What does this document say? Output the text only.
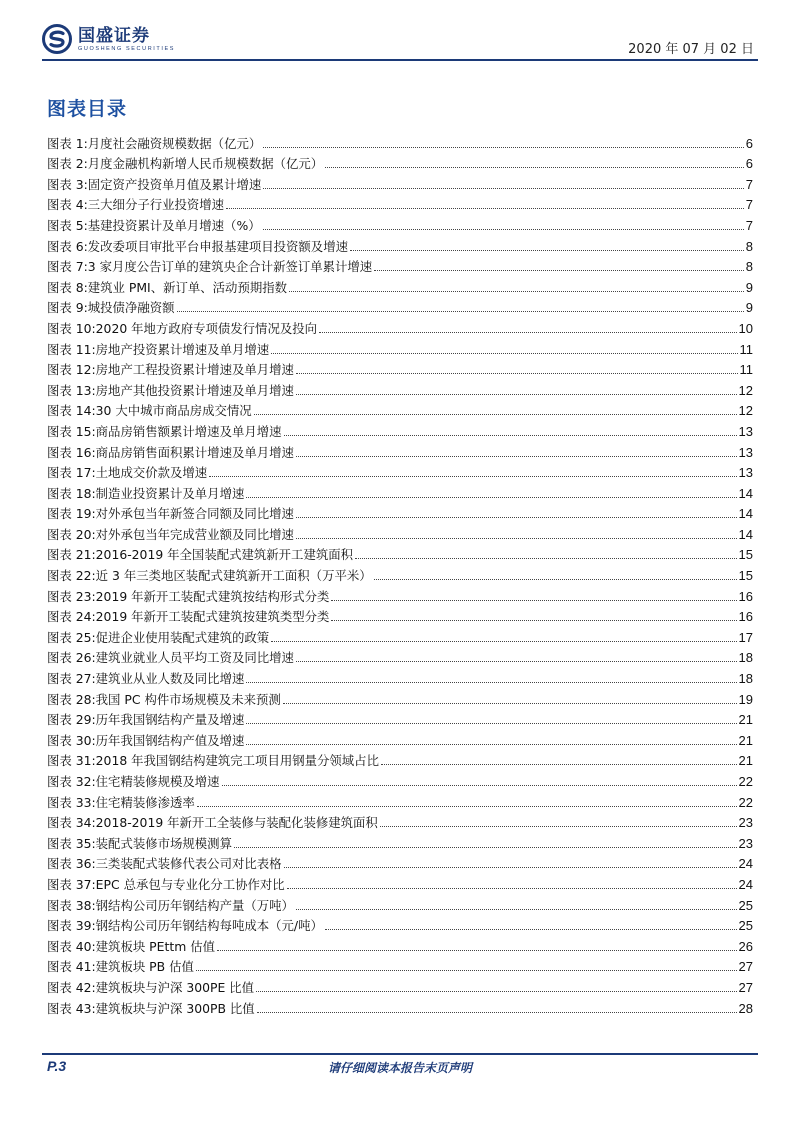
国盛证券
GUOSHENG SECURITIES	2020 年 07 月 02 日
图表目录
图表 1: 月度社会融资规模数据（亿元）	6
图表 2: 月度金融机构新增人民币规模数据（亿元）	6
图表 3: 固定资产投资单月值及累计增速	7
图表 4: 三大细分子行业投资增速	7
图表 5: 基建投资累计及单月增速（%）	7
图表 6: 发改委项目审批平台申报基建项目投资额及增速	8
图表 7: 3 家月度公告订单的建筑央企合计新签订单累计增速	8
图表 8: 建筑业 PMI、新订单、活动预期指数	9
图表 9: 城投债净融资额	9
图表 10: 2020 年地方政府专项债发行情况及投向	10
图表 11: 房地产投资累计增速及单月增速	11
图表 12: 房地产工程投资累计增速及单月增速	11
图表 13: 房地产其他投资累计增速及单月增速	12
图表 14: 30 大中城市商品房成交情况	12
图表 15: 商品房销售额累计增速及单月增速	13
图表 16: 商品房销售面积累计增速及单月增速	13
图表 17: 土地成交价款及增速	13
图表 18: 制造业投资累计及单月增速	14
图表 19: 对外承包当年新签合同额及同比增速	14
图表 20: 对外承包当年完成营业额及同比增速	14
图表 21: 2016-2019 年全国装配式建筑新开工建筑面积	15
图表 22: 近 3 年三类地区装配式建筑新开工面积（万平米）	15
图表 23: 2019 年新开工装配式建筑按结构形式分类	16
图表 24: 2019 年新开工装配式建筑按建筑类型分类	16
图表 25: 促进企业使用装配式建筑的政策	17
图表 26: 建筑业就业人员平均工资及同比增速	18
图表 27: 建筑业从业人数及同比增速	18
图表 28: 我国 PC 构件市场规模及未来预测	19
图表 29: 历年我国钢结构产量及增速	21
图表 30: 历年我国钢结构产值及增速	21
图表 31: 2018 年我国钢结构建筑完工项目用钢量分领域占比	21
图表 32: 住宅精装修规模及增速	22
图表 33: 住宅精装修渗透率	22
图表 34: 2018-2019 年新开工全装修与装配化装修建筑面积	23
图表 35: 装配式装修市场规模测算	23
图表 36: 三类装配式装修代表公司对比表格	24
图表 37: EPC 总承包与专业化分工协作对比	24
图表 38: 钢结构公司历年钢结构产量（万吨）	25
图表 39: 钢结构公司历年钢结构每吨成本（元/吨）	25
图表 40: 建筑板块 PEttm 估值	26
图表 41: 建筑板块 PB 估值	27
图表 42: 建筑板块与沪深 300PE 比值	27
图表 43: 建筑板块与沪深 300PB 比值	28
P.3	请仔细阅读本报告末页声明
